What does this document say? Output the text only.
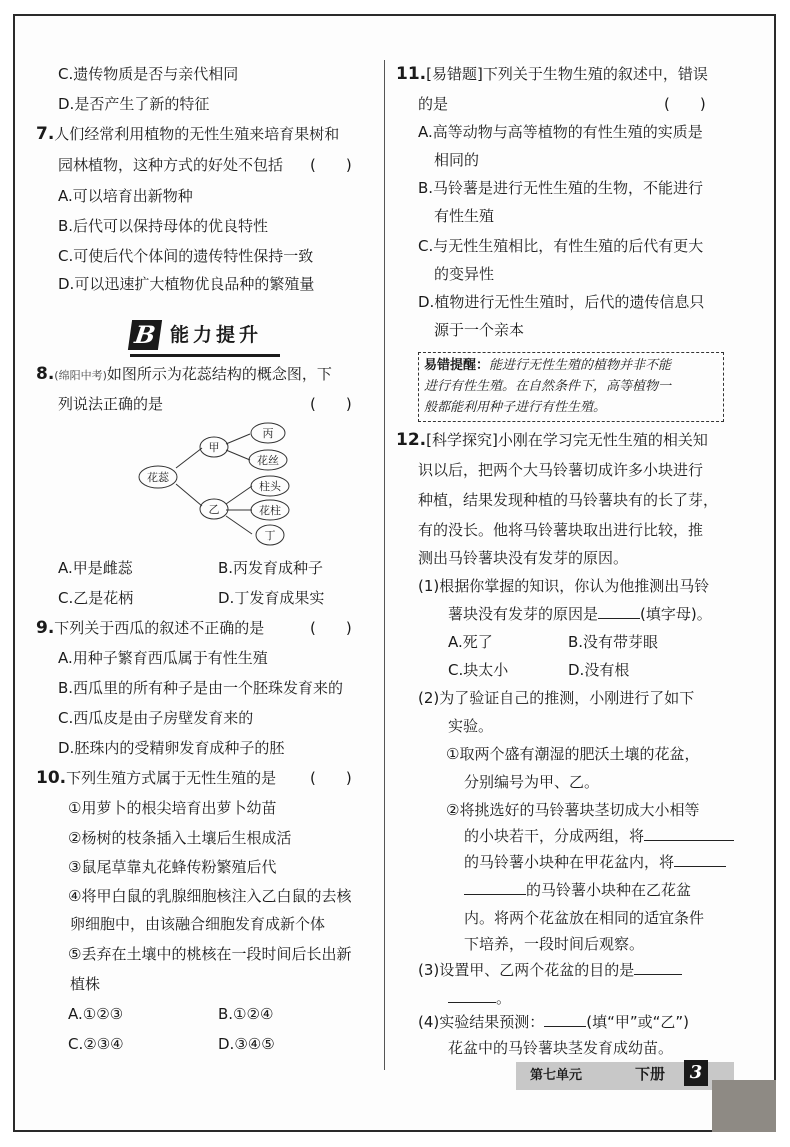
C.遗传物质是否与亲代相同
D.是否产生了新的特征
7.人们经常利用植物的无性生殖来培育果树和
园林植物，这种方式的好处不包括 (　　)
A.可以培育出新物种
B.后代可以保持母体的优良特性
C.可使后代个体间的遗传特性保持一致
D.可以迅速扩大植物优良品种的繁殖量
B 能力提升
8.(绵阳中考)如图所示为花蕊结构的概念图，下
列说法正确的是	(　　)
花蕊
甲
乙
丙
花丝
柱头
花柱
丁
A.甲是雌蕊	B.丙发育成种子
C.乙是花柄	D.丁发育成果实
9.下列关于西瓜的叙述不正确的是	(　　)
A.用种子繁育西瓜属于有性生殖
B.西瓜里的所有种子是由一个胚珠发育来的
C.西瓜皮是由子房壁发育来的
D.胚珠内的受精卵发育成种子的胚
10.下列生殖方式属于无性生殖的是 (　　)
①用萝卜的根尖培育出萝卜幼苗
②杨树的枝条插入土壤后生根成活
③鼠尾草靠丸花蜂传粉繁殖后代
④将甲白鼠的乳腺细胞核注入乙白鼠的去核
卵细胞中，由该融合细胞发育成新个体
⑤丢弃在土壤中的桃核在一段时间后长出新
植株
A.①②③	B.①②④
C.②③④	D.③④⑤
11.[易错题]下列关于生物生殖的叙述中，错误
的是	(　　)
A.高等动物与高等植物的有性生殖的实质是
相同的
B.马铃薯是进行无性生殖的生物，不能进行
有性生殖
C.与无性生殖相比，有性生殖的后代有更大
的变异性
D.植物进行无性生殖时，后代的遗传信息只
源于一个亲本
易错提醒：能进行无性生殖的植物并非不能
进行有性生殖。在自然条件下，高等植物一
般都能利用种子进行有性生殖。
12.[科学探究]小刚在学习完无性生殖的相关知
识以后，把两个大马铃薯切成许多小块进行
种植，结果发现种植的马铃薯块有的长了芽，
有的没长。他将马铃薯块取出进行比较，推
测出马铃薯块没有发芽的原因。
(1)根据你掌握的知识，你认为他推测出马铃
薯块没有发芽的原因是	(填字母)。
A.死了	B.没有带芽眼
C.块太小	D.没有根
(2)为了验证自己的推测，小刚进行了如下
实验。
①取两个盛有潮湿的肥沃土壤的花盆，
分别编号为甲、乙。
②将挑选好的马铃薯块茎切成大小相等
的小块若干，分成两组，将
的马铃薯小块种在甲花盆内，将
的马铃薯小块种在乙花盆
内。将两个花盆放在相同的适宜条件
下培养，一段时间后观察。
(3)设置甲、乙两个花盆的目的是
。
(4)实验结果预测：	(填“甲”或“乙”)
花盆中的马铃薯块茎发育成幼苗。
第七单元	下册	3
